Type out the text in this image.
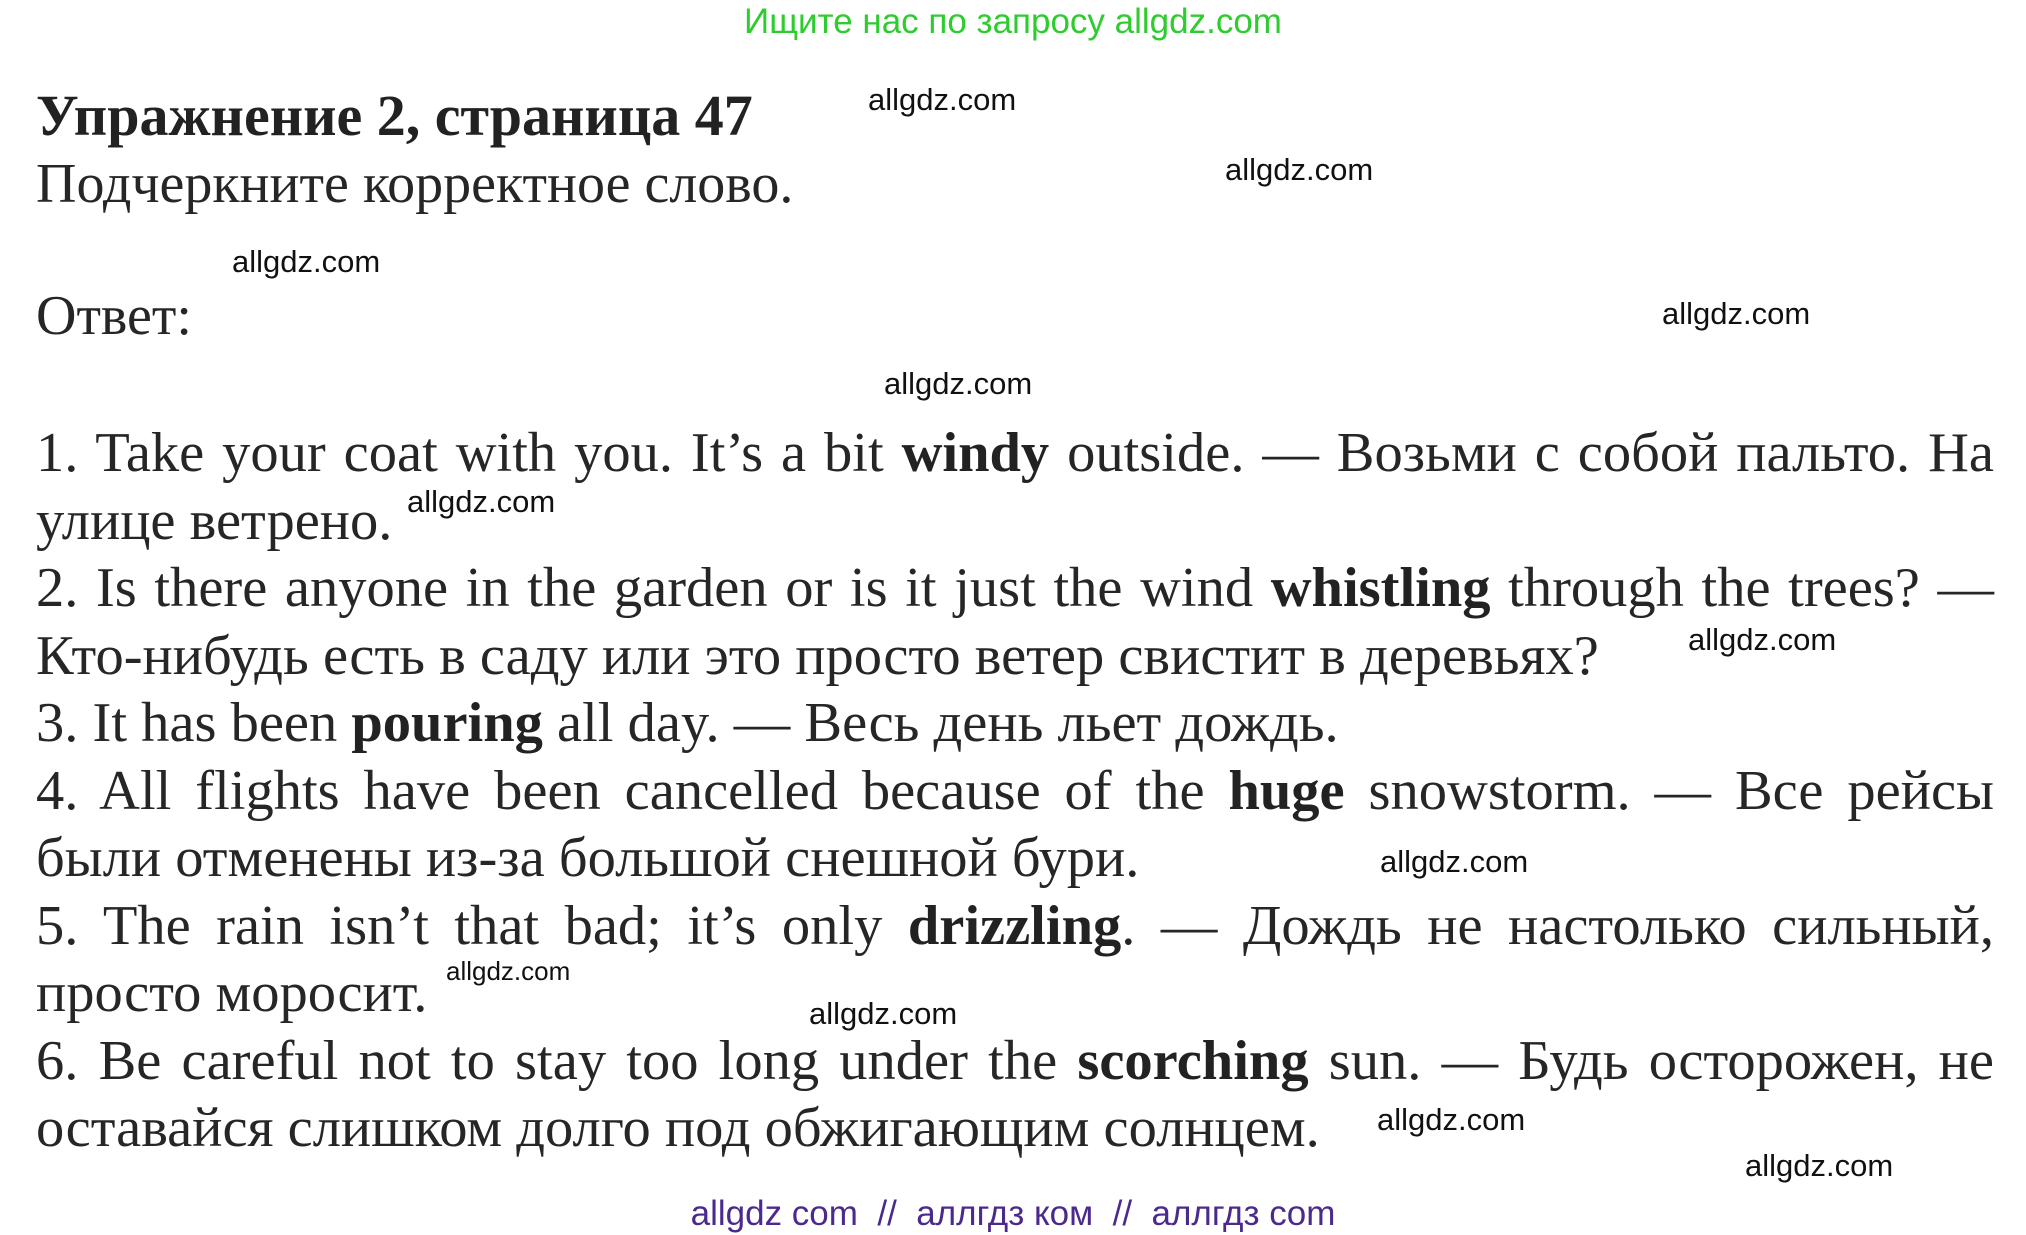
Ищите нас по запросу allgdz.com
Упражнение 2, страница 47
Подчеркните корректное слово.
Ответ:

1. Take your coat with you. It’s a bit windy outside. — Возьми с собой пальто. На улице ветрено.

2. Is there anyone in the garden or is it just the wind whistling through the trees? — Кто-нибудь есть в саду или это просто ветер свистит в деревьях?

3. It has been pouring all day. — Весь день льет дождь.

4. All flights have been cancelled because of the huge snowstorm. — Все рейсы были отменены из-за большой снешной бури.

5. The rain isn’t that bad; it’s only drizzling. — Дождь не настолько сильный, просто моросит.

6. Be careful not to stay too long under the scorching sun. — Будь осторожен, не оставайся слишком долго под обжигающим солнцем.

allgdz.com
allgdz.com
allgdz.com
allgdz.com
allgdz.com
allgdz.com
allgdz.com
allgdz.com
allgdz.com
allgdz.com
allgdz.com
allgdz.com
allgdz com  //  аллгдз ком  //  аллгдз com
